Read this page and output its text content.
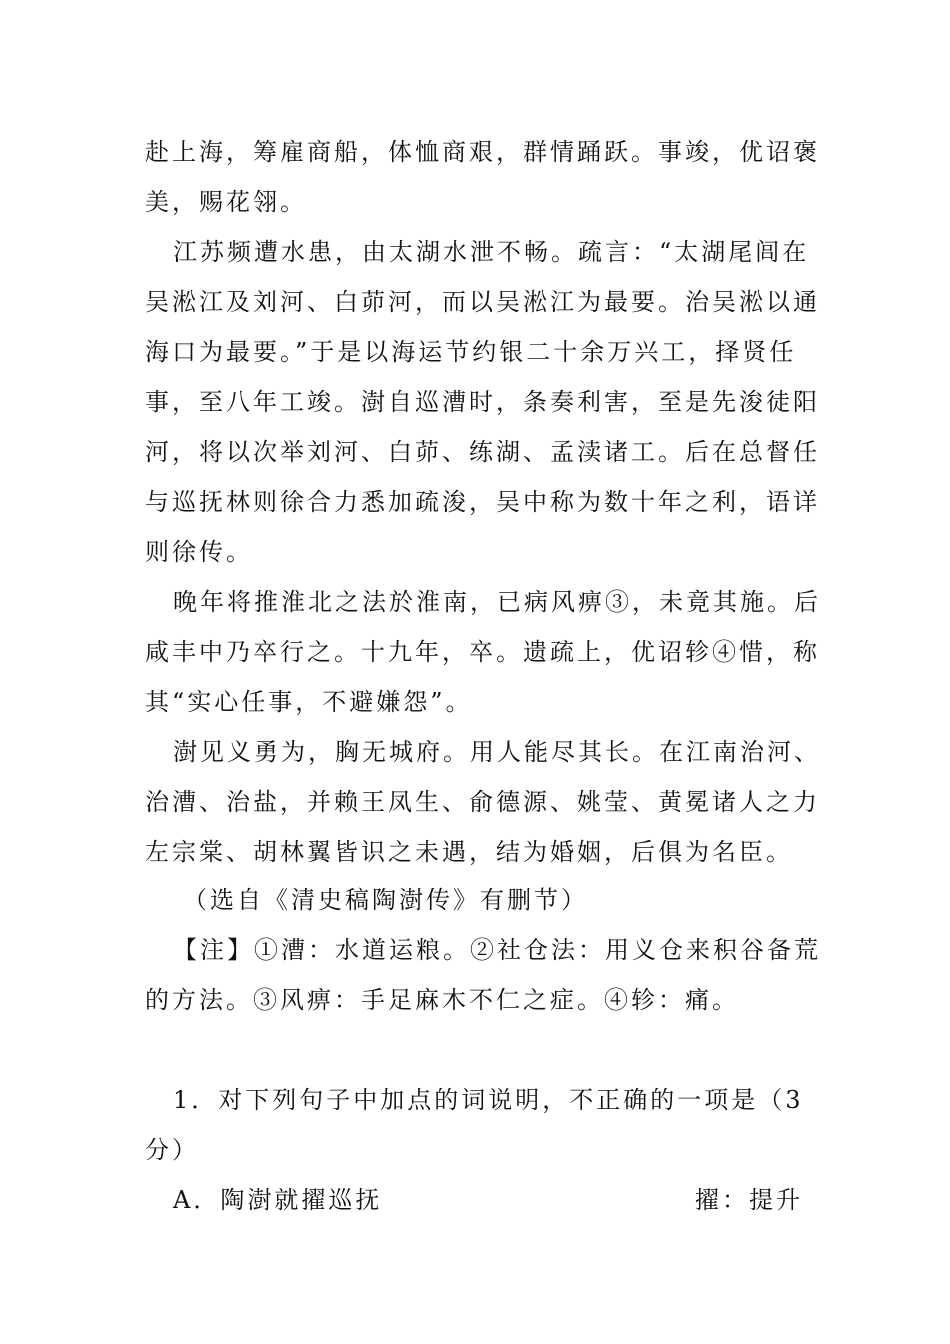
赴上海，筹雇商船，体恤商艰，群情踊跃。事竣，优诏褒
美，赐花翎。
江苏频遭水患，由太湖水泄不畅。疏言：“太湖尾闾在
吴淞江及刘河、白茆河，而以吴淞江为最要。治吴淞以通
海口为最要。”于是以海运节约银二十余万兴工，择贤任
事，至八年工竣。澍自巡漕时，条奏利害，至是先浚徒阳
河，将以次举刘河、白茆、练湖、孟渎诸工。后在总督任
与巡抚林则徐合力悉加疏浚，吴中称为数十年之利，语详
则徐传。
晚年将推淮北之法於淮南，已病风痹③，未竟其施。后
咸丰中乃卒行之。十九年，卒。遗疏上，优诏轸④惜，称
其“实心任事，不避嫌怨”。
澍见义勇为，胸无城府。用人能尽其长。在江南治河、
治漕、治盐，并赖王凤生、俞德源、姚莹、黄冕诸人之力
左宗棠、胡林翼皆识之未遇，结为婚姻，后俱为名臣。
（选自《清史稿陶澍传》有删节）
【注】①漕：水道运粮。②社仓法：用义仓来积谷备荒
的方法。③风痹：手足麻木不仁之症。④轸：痛。
1．对下列句子中加点的词说明，不正确的一项是（3
分）
A．陶澍就擢巡抚	擢：提升
